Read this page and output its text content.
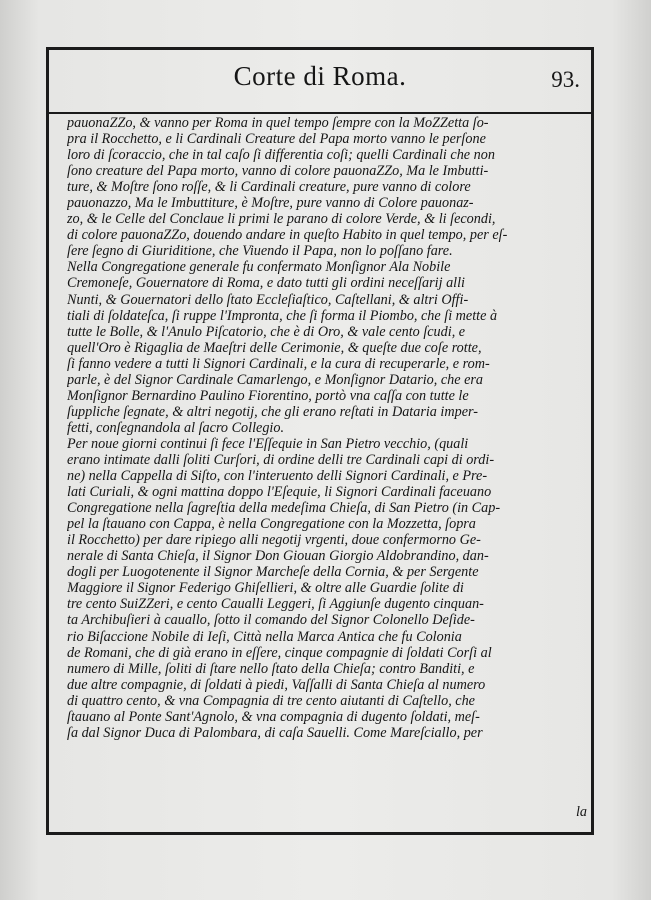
Corte di Roma.	93.
pauonaZZo, & vanno per Roma in quel tempo ſempre con la MoZZetta ſo-
pra il Rocchetto, e li Cardinali Creature del Papa morto vanno le perſone
loro di ſcoraccio, che in tal caſo ſi differentia coſi; quelli Cardinali che non
ſono creature del Papa morto, vanno di colore pauonaZZo, Ma le Imbutti-
ture, & Moſtre ſono roſſe, & li Cardinali creature, pure vanno di colore
pauonazzo, Ma le Imbuttiture, è Moſtre, pure vanno di Colore pauonaz-
zo, & le Celle del Conclaue li primi le parano di colore Verde, & li ſecondi,
di colore pauonaZZo, douendo andare in queſto Habito in quel tempo, per eſ-
ſere ſegno di Giuriditione, che Viuendo il Papa, non lo poſſano fare.
Nella Congregatione generale fu confermato Monſignor Ala Nobile
Cremoneſe, Gouernatore di Roma, e dato tutti gli ordini neceſſarij alli
Nunti, & Gouernatori dello ſtato Eccleſiaſtico, Caſtellani, & altri Offi-
tiali di ſoldateſca, ſi ruppe l'Impronta, che ſi forma il Piombo, che ſi mette à
tutte le Bolle, & l'Anulo Piſcatorio, che è di Oro, & vale cento ſcudi, e
quell'Oro è Rigaglia de Maeſtri delle Cerimonie, & queſte due coſe rotte,
ſi fanno vedere a tutti li Signori Cardinali, e la cura di recuperarle, e rom-
parle, è del Signor Cardinale Camarlengo, e Monſignor Datario, che era
Monſignor Bernardino Paulino Fiorentino, portò vna caſſa con tutte le
ſuppliche ſegnate, & altri negotij, che gli erano reſtati in Dataria imper-
fetti, conſegnandola al ſacro Collegio.
Per noue giorni continui ſi fece l'Eſſequie in San Pietro vecchio, (quali
erano intimate dalli ſoliti Curſori, di ordine delli tre Cardinali capi di ordi-
ne) nella Cappella di Siſto, con l'interuento delli Signori Cardinali, e Pre-
lati Curiali, & ogni mattina doppo l'Eſequie, li Signori Cardinali faceuano
Congregatione nella ſagreſtia della medeſima Chieſa, di San Pietro (in Cap-
pel la ſtauano con Cappa, è nella Congregatione con la Mozzetta, ſopra
il Rocchetto) per dare ripiego alli negotij vrgenti, doue confermorno Ge-
nerale di Santa Chieſa, il Signor Don Giouan Giorgio Aldobrandino, dan-
dogli per Luogotenente il Signor Marcheſe della Cornia, & per Sergente
Maggiore il Signor Federigo Ghiſellieri, & oltre alle Guardie ſolite di
tre cento SuiZZeri, e cento Caualli Leggeri, ſi Aggiunſe dugento cinquan-
ta Archibuſieri à cauallo, ſotto il comando del Signor Colonello Deſide-
rio Biſaccione Nobile di Ieſi, Città nella Marca Antica che fu Colonia
de Romani, che di già erano in eſſere, cinque compagnie di ſoldati Corſi al
numero di Mille, ſoliti di ſtare nello ſtato della Chieſa; contro Banditi, e
due altre compagnie, di ſoldati à piedi, Vaſſalli di Santa Chieſa al numero
di quattro cento, & vna Compagnia di tre cento aiutanti di Caſtello, che
ſtauano al Ponte Sant'Agnolo, & vna compagnia di dugento ſoldati, meſ-
ſa dal Signor Duca di Palombara, di caſa Sauelli. Come Mareſciallo, per
la
